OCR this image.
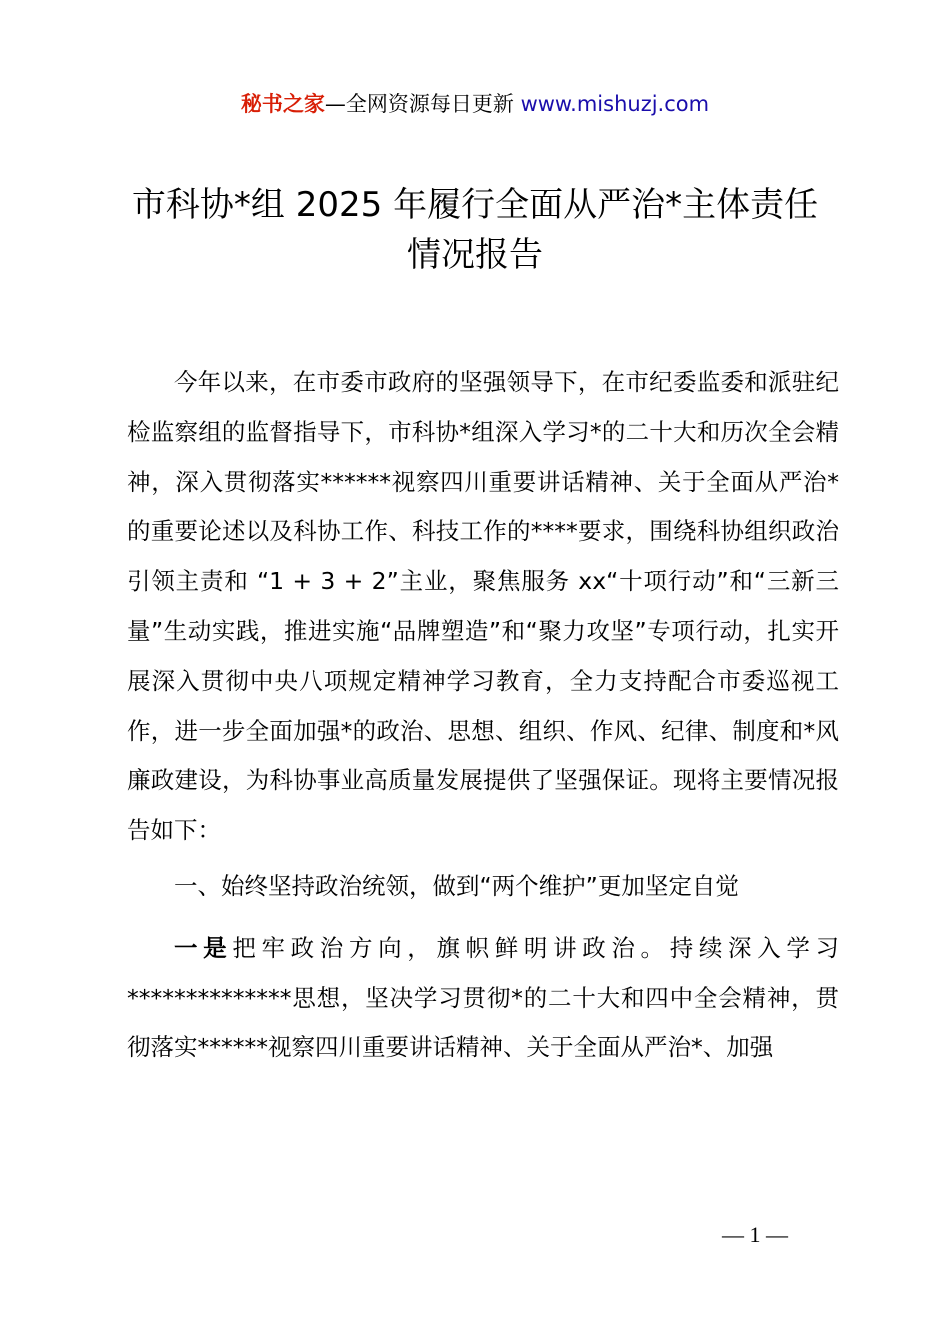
秘书之家—全网资源每日更新 www.mishuzj.com
市科协*组 2025 年履行全面从严治*主体责任
情况报告

今年以来，在市委市政府的坚强领导下，在市纪委监委和派驻纪检监察组的监督指导下，市科协*组深入学习*的二十大和历次全会精神，深入贯彻落实******视察四川重要讲话精神、关于全面从严治*的重要论述以及科协工作、科技工作的****要求，围绕科协组织政治引领主责和 “1 + 3 + 2”主业，聚焦服务 xx“十项行动”和“三新三量”生动实践，推进实施“品牌塑造”和“聚力攻坚”专项行动，扎实开展深入贯彻中央八项规定精神学习教育，全力支持配合市委巡视工作，进一步全面加强*的政治、思想、组织、作风、纪律、制度和*风廉政建设，为科协事业高质量发展提供了坚强保证。现将主要情况报告如下：

一、始终坚持政治统领，做到“两个维护”更加坚定自觉

一是把牢政治方向，旗帜鲜明讲政治。持续深入学习**************思想，坚决学习贯彻*的二十大和四中全会精神，贯彻落实******视察四川重要讲话精神、关于全面从严治*、加强

— 1 —
